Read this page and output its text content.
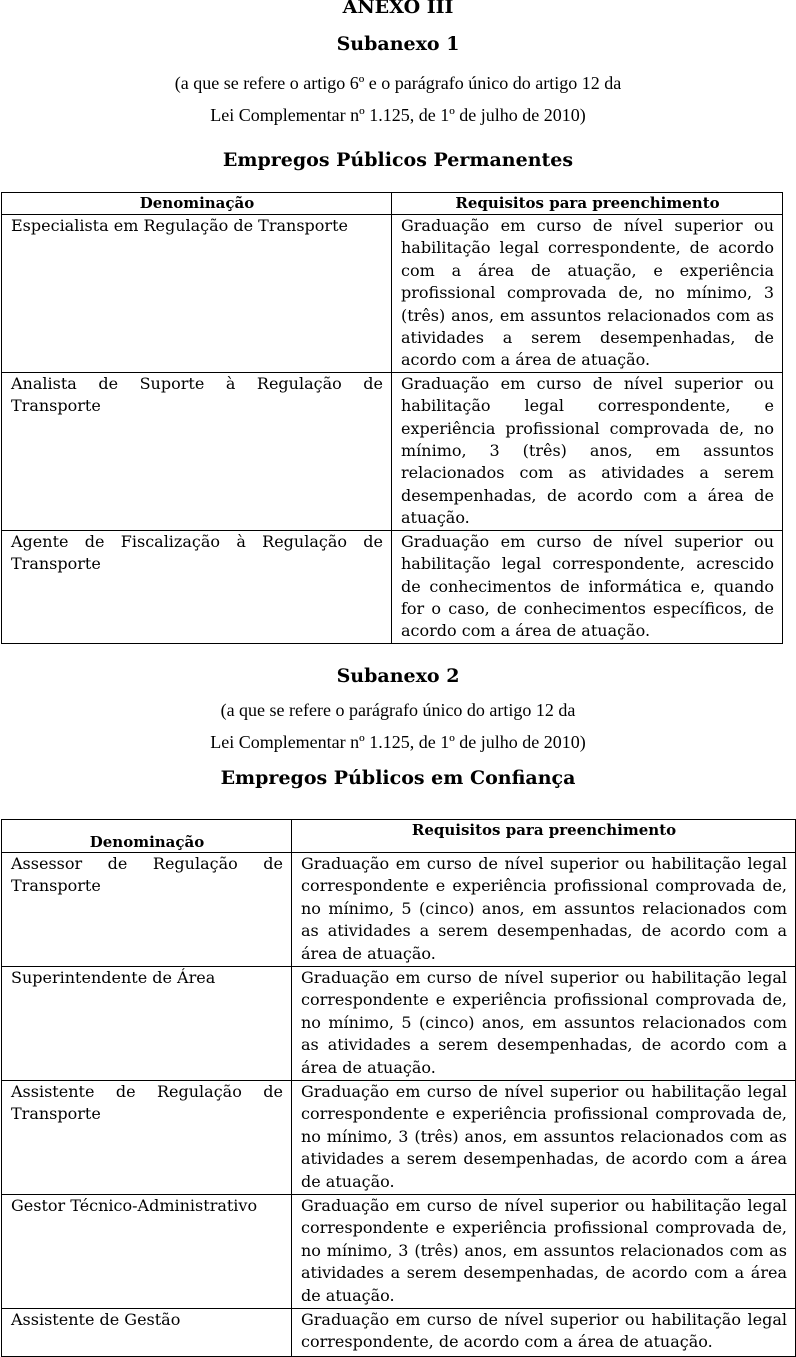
ANEXO III
Subanexo 1
(a que se refere o artigo 6º e o parágrafo único do artigo 12 da
Lei Complementar nº 1.125, de 1º de julho de 2010)
Empregos Públicos Permanentes
Denominação	Requisitos para preenchimento
Especialista em Regulação de Transporte	Graduação em curso de nível superior ou habilitação legal correspondente, de acordo com a área de atuação, e experiência profissional comprovada de, no mínimo, 3 (três) anos, em assuntos relacionados com as atividades a serem desempenhadas, de acordo com a área de atuação.
Analista de Suporte à Regulação de Transporte	Graduação em curso de nível superior ou habilitação legal correspondente, e experiência profissional comprovada de, no mínimo, 3 (três) anos, em assuntos relacionados com as atividades a serem desempenhadas, de acordo com a área de atuação.
Agente de Fiscalização à Regulação de Transporte	Graduação em curso de nível superior ou habilitação legal correspondente, acrescido de conhecimentos de informática e, quando for o caso, de conhecimentos específicos, de acordo com a área de atuação.
Subanexo 2
(a que se refere o parágrafo único do artigo 12 da
Lei Complementar nº 1.125, de 1º de julho de 2010)
Empregos Públicos em Confiança
Denominação	Requisitos para preenchimento
Assessor de Regulação de Transporte	Graduação em curso de nível superior ou habilitação legal correspondente e experiência profissional comprovada de, no mínimo, 5 (cinco) anos, em assuntos relacionados com as atividades a serem desempenhadas, de acordo com a área de atuação.
Superintendente de Área	Graduação em curso de nível superior ou habilitação legal correspondente e experiência profissional comprovada de, no mínimo, 5 (cinco) anos, em assuntos relacionados com as atividades a serem desempenhadas, de acordo com a área de atuação.
Assistente de Regulação de Transporte	Graduação em curso de nível superior ou habilitação legal correspondente e experiência profissional comprovada de, no mínimo, 3 (três) anos, em assuntos relacionados com as atividades a serem desempenhadas, de acordo com a área de atuação.
Gestor Técnico-Administrativo	Graduação em curso de nível superior ou habilitação legal correspondente e experiência profissional comprovada de, no mínimo, 3 (três) anos, em assuntos relacionados com as atividades a serem desempenhadas, de acordo com a área de atuação.
Assistente de Gestão	Graduação em curso de nível superior ou habilitação legal correspondente, de acordo com a área de atuação.
